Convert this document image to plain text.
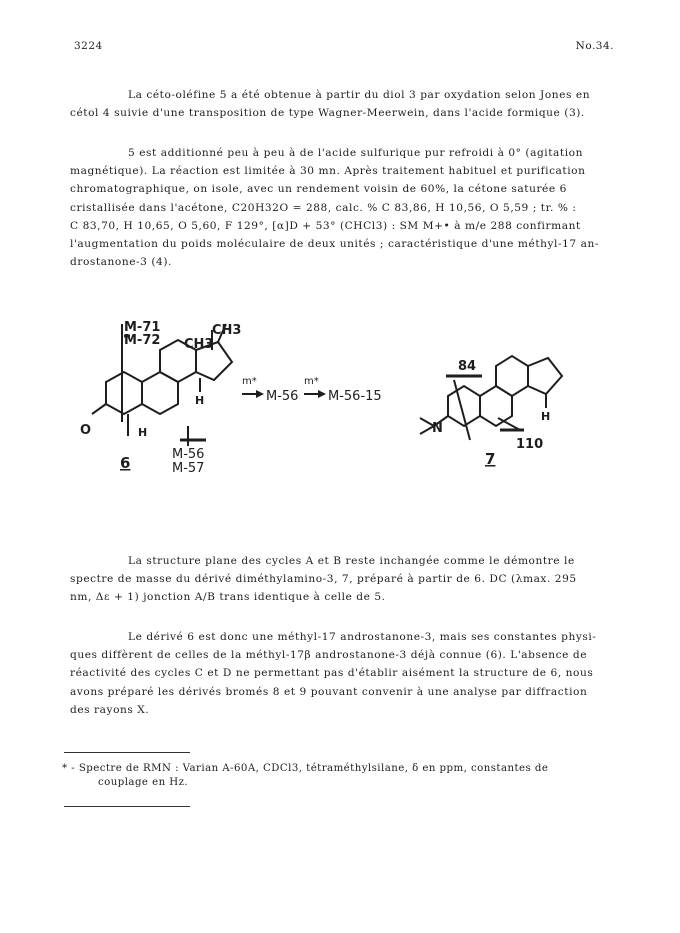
3224	No.34.

La céto-oléfine 5 a été obtenue à partir du diol 3 par oxydation selon Jones en
cétol 4 suivie d'une transposition de type Wagner-Meerwein, dans l'acide formique (3).

5 est additionné peu à peu à de l'acide sulfurique pur refroidi à 0° (agitation
magnétique). La réaction est limitée à 30 mn. Après traitement habituel et purification
chromatographique, on isole, avec un rendement voisin de 60%, la cétone saturée 6
cristallisée dans l'acétone, C20H32O = 288, calc. % C 83,86, H 10,56, O 5,59 ; tr. % :
C 83,70, H 10,65, O 5,60, F 129°, [α]D + 53° (CHCl3) : SM M+• à m/e 288 confirmant
l'augmentation du poids moléculaire de deux unités ; caractéristique d'une méthyl-17 an-
drostanone-3 (4).

M-71
M-72 CH3
CH3
O	H
H
m*
M-56
m*
M-56-15
M-56
M-57
6
84
110
N
H
7

La structure plane des cycles A et B reste inchangée comme le démontre le
spectre de masse du dérivé diméthylamino-3, 7, préparé à partir de 6. DC (λmax. 295
nm, Δε + 1) jonction A/B trans identique à celle de 5.

Le dérivé 6 est donc une méthyl-17 androstanone-3, mais ses constantes physi-
ques diffèrent de celles de la méthyl-17β androstanone-3 déjà connue (6). L'absence de
réactivité des cycles C et D ne permettant pas d'établir aisément la structure de 6, nous
avons préparé les dérivés bromés 8 et 9 pouvant convenir à une analyse par diffraction
des rayons X.

* - Spectre de RMN : Varian A-60A, CDCl3, tétraméthylsilane, δ en ppm, constantes de
couplage en Hz.
